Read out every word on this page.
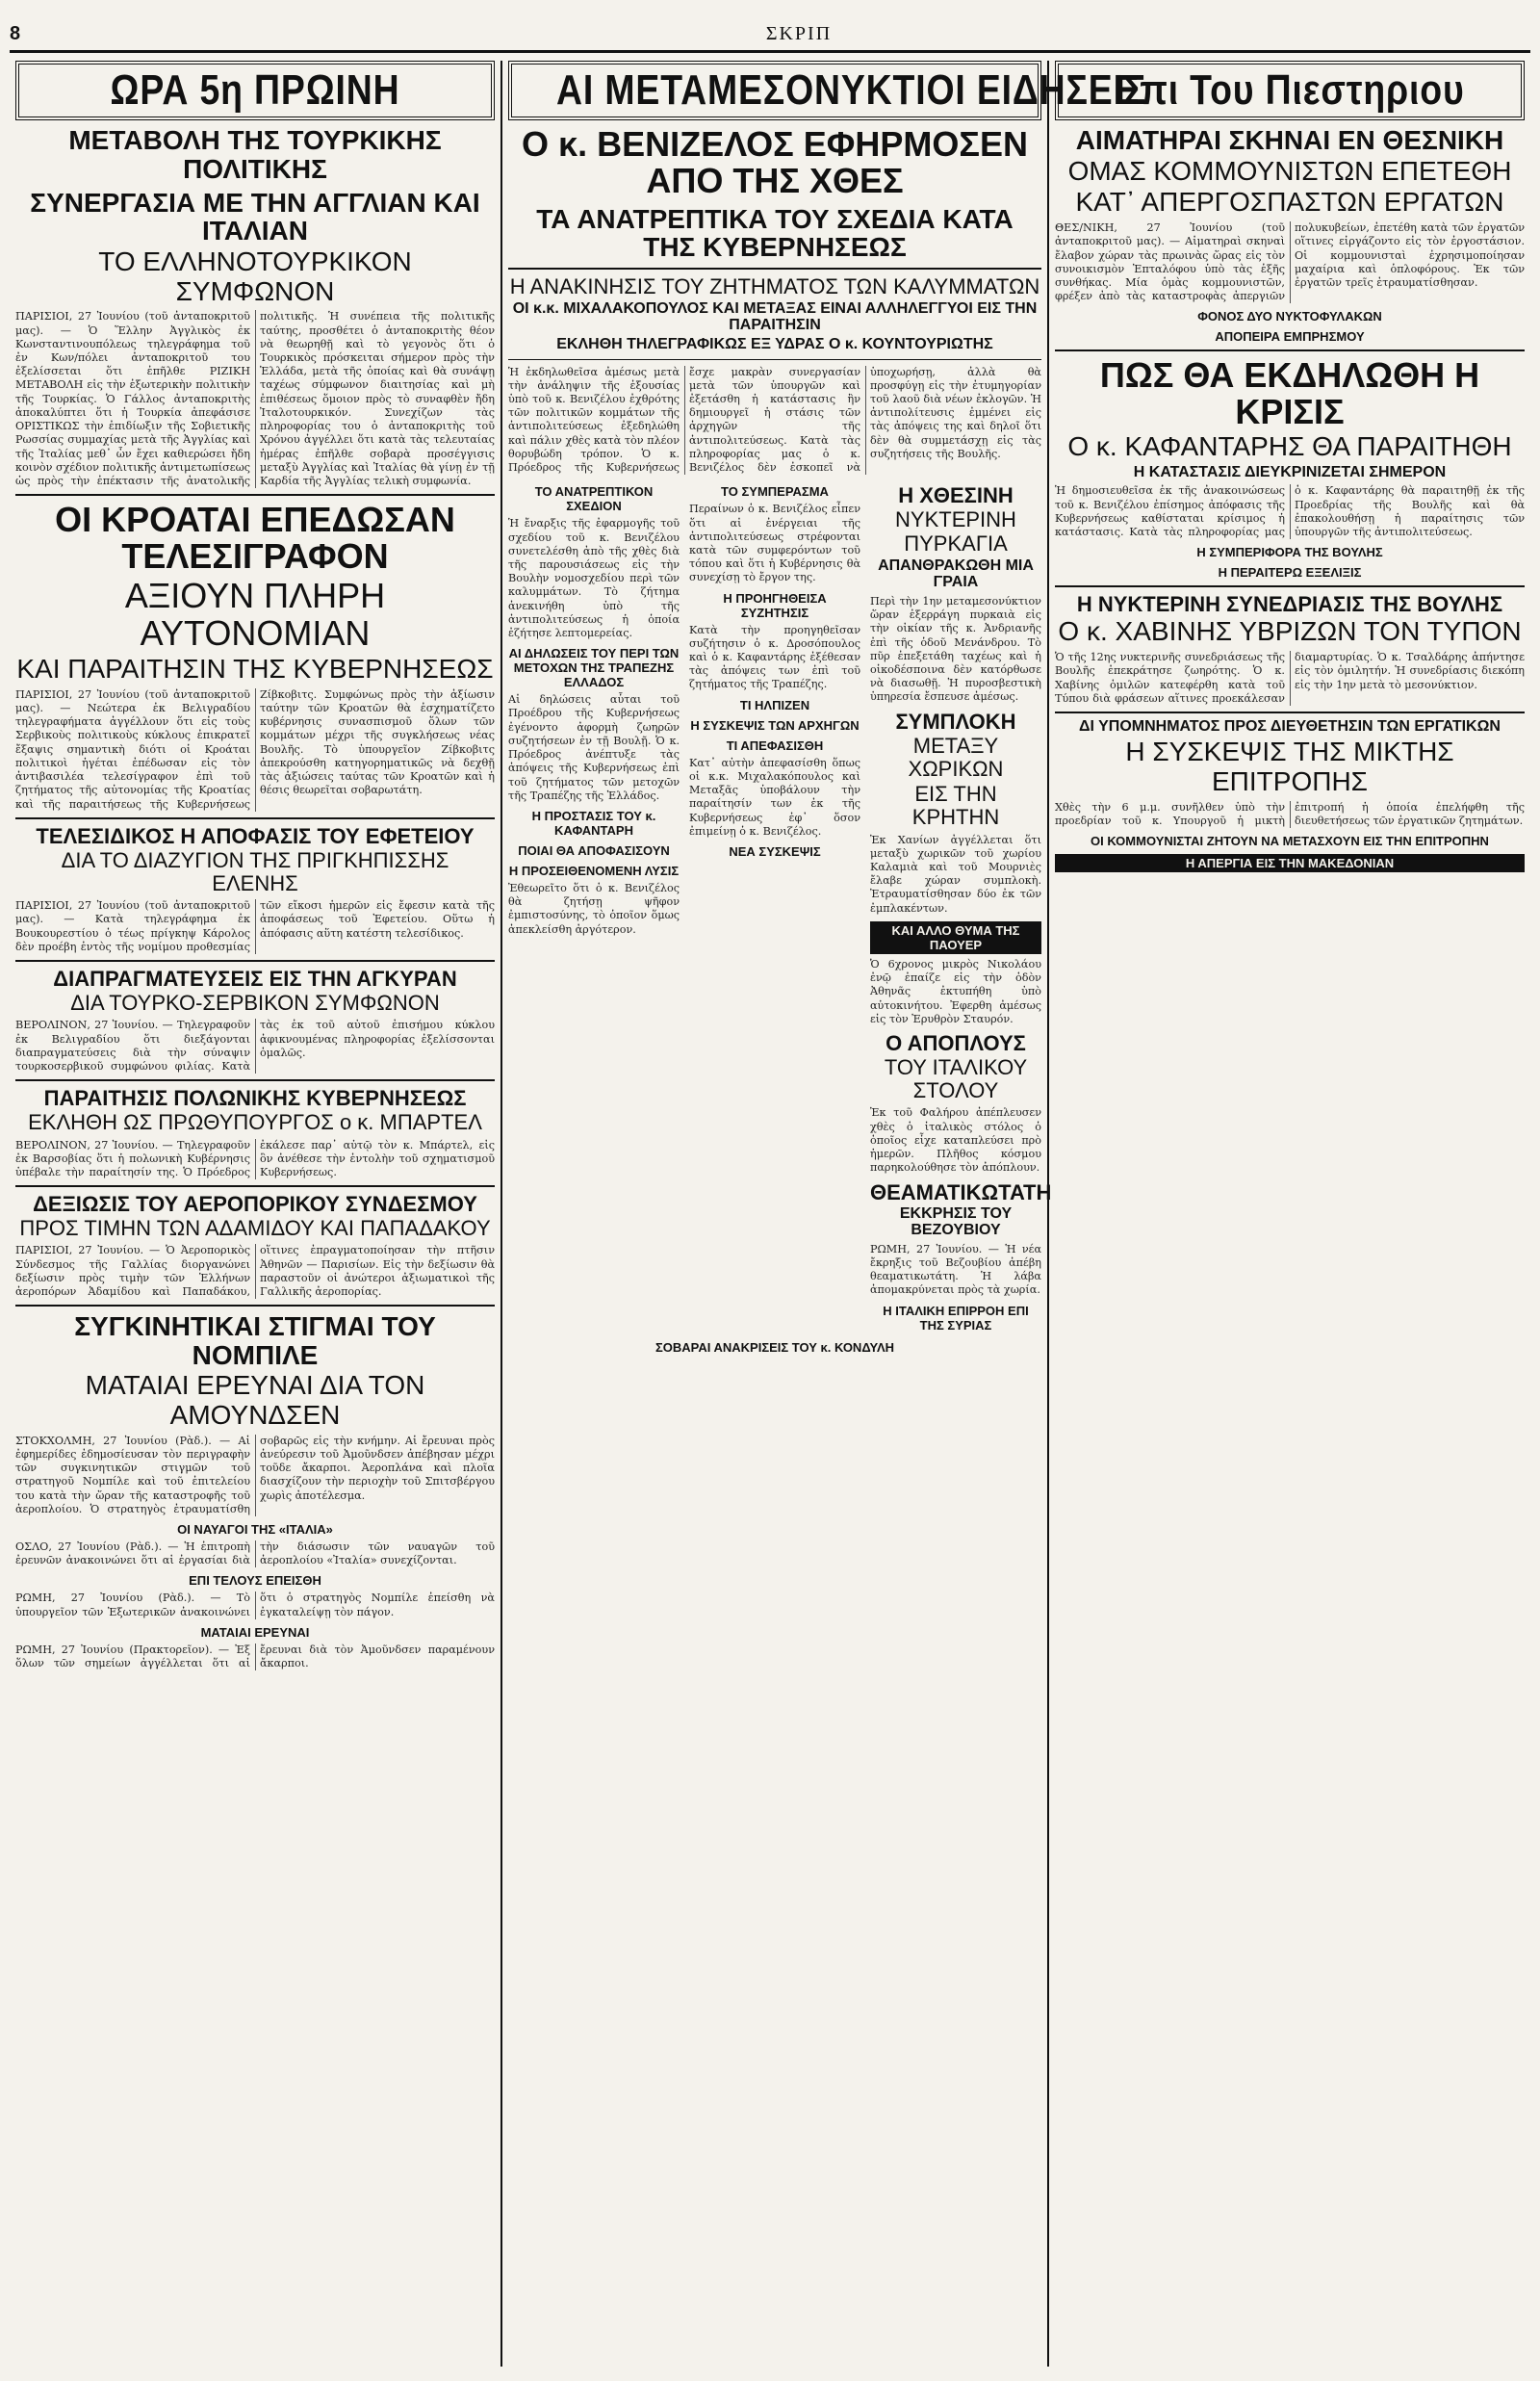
8	ΣΚΡΙΠ
ΩΡΑ 5η ΠΡΩΙΝΗ
ΜΕΤΑΒΟΛΗ ΤΗΣ ΤΟΥΡΚΙΚΗΣ ΠΟΛΙΤΙΚΗΣ
ΣΥΝΕΡΓΑΣΙΑ ΜΕ ΤΗΝ ΑΓΓΛΙΑΝ ΚΑΙ ΙΤΑΛΙΑΝ
ΤΟ ΕΛΛΗΝΟΤΟΥΡΚΙΚΟΝ ΣΥΜΦΩΝΟΝ
ΠΑΡΙΣΙΟΙ, 27 Ἰουνίου (τοῦ ἀνταποκριτοῦ μας). — Ὁ Ἕλλην Ἀγγλικὸς ἐκ Κωνσταντινουπόλεως τηλεγράφημα τοῦ ἐν Κων/πόλει ἀνταποκριτοῦ του ἐξελίσσεται ὅτι ἐπῆλθε ΡΙΖΙΚΗ ΜΕΤΑΒΟΛΗ εἰς τὴν ἐξωτερικὴν πολιτικὴν τῆς Τουρκίας. Ὁ Γάλλος ἀνταποκριτὴς ἀποκαλύπτει ὅτι ἡ Τουρκία ἀπεφάσισε ΟΡΙΣΤΙΚΩΣ τὴν ἐπιδίωξιν τῆς Σοβιετικῆς Ρωσσίας συμμαχίας μετὰ τῆς Ἀγγλίας καὶ τῆς Ἰταλίας μεθ᾽ ὧν ἔχει καθιερώσει ἤδη κοινὸν σχέδιον πολιτικῆς ἀντιμετωπίσεως ὡς πρὸς τὴν ἐπέκτασιν τῆς ἀνατολικῆς πολιτικῆς. Ἡ συνέπεια τῆς πολιτικῆς ταύτης, προσθέτει ὁ ἀνταποκριτὴς θέον νὰ θεωρηθῇ καὶ τὸ γεγονὸς ὅτι ὁ Τουρκικὸς πρόσκειται σήμερον πρὸς τὴν Ἑλλάδα, μετὰ τῆς ὁποίας καὶ θὰ συνάψῃ ταχέως σύμφωνον διαιτησίας καὶ μὴ ἐπιθέσεως ὅμοιον πρὸς τὸ συναφθὲν ἤδη Ἰταλοτουρκικόν. Συνεχίζων τὰς πληροφορίας του ὁ ἀνταποκριτὴς τοῦ Χρόνου ἀγγέλλει ὅτι κατὰ τὰς τελευταίας ἡμέρας ἐπῆλθε σοβαρὰ προσέγγισις μεταξὺ Ἀγγλίας καὶ Ἰταλίας θὰ γίνῃ ἐν τῇ Καρδία τῆς Ἀγγλίας τελικὴ συμφωνία.
ΟΙ ΚΡΟΑΤΑΙ ΕΠΕΔΩΣΑΝ ΤΕΛΕΣΙΓΡΑΦΟΝ
ΑΞΙΟΥΝ ΠΛΗΡΗ ΑΥΤΟΝΟΜΙΑΝ
ΚΑΙ ΠΑΡΑΙΤΗΣΙΝ ΤΗΣ ΚΥΒΕΡΝΗΣΕΩΣ
ΠΑΡΙΣΙΟΙ, 27 Ἰουνίου (τοῦ ἀνταποκριτοῦ μας). — Νεώτερα ἐκ Βελιγραδίου τηλεγραφήματα ἀγγέλλουν ὅτι εἰς τοὺς Σερβικοὺς πολιτικοὺς κύκλους ἐπικρατεῖ ἔξαψις σημαντικὴ διότι οἱ Κροάται πολιτικοὶ ἡγέται ἐπέδωσαν εἰς τὸν ἀντιβασιλέα τελεσίγραφον ἐπὶ τοῦ ζητήματος τῆς αὐτονομίας τῆς Κροατίας καὶ τῆς παραιτήσεως τῆς Κυβερνήσεως Ζίβκοβιτς. Συμφώνως πρὸς τὴν ἀξίωσιν ταύτην τῶν Κροατῶν θὰ ἐσχηματίζετο κυβέρνησις συνασπισμοῦ ὅλων τῶν κομμάτων μέχρι τῆς συγκλήσεως νέας Βουλῆς. Τὸ ὑπουργεῖον Ζίβκοβιτς ἀπεκρούσθη κατηγορηματικῶς νὰ δεχθῇ τὰς ἀξιώσεις ταύτας τῶν Κροατῶν καὶ ἡ θέσις θεωρεῖται σοβαρωτάτη.
ΤΕΛΕΣΙΔΙΚΟΣ Η ΑΠΟΦΑΣΙΣ ΤΟΥ ΕΦΕΤΕΙΟΥ
ΔΙΑ ΤΟ ΔΙΑΖΥΓΙΟΝ ΤΗΣ ΠΡΙΓΚΗΠΙΣΣΗΣ ΕΛΕΝΗΣ
ΠΑΡΙΣΙΟΙ, 27 Ἰουνίου (τοῦ ἀνταποκριτοῦ μας). — Κατὰ τηλεγράφημα ἐκ Βουκουρεστίου ὁ τέως πρίγκηψ Κάρολος δὲν προέβη ἐντὸς τῆς νομίμου προθεσμίας τῶν εἴκοσι ἡμερῶν εἰς ἔφεσιν κατὰ τῆς ἀποφάσεως τοῦ Ἐφετείου. Οὕτω ἡ ἀπόφασις αὕτη κατέστη τελεσίδικος.
ΔΙΑΠΡΑΓΜΑΤΕΥΣΕΙΣ ΕΙΣ ΤΗΝ ΑΓΚΥΡΑΝ
ΔΙΑ ΤΟΥΡΚΟ-ΣΕΡΒΙΚΟΝ ΣΥΜΦΩΝΟΝ
ΒΕΡΟΛΙΝΟΝ, 27 Ἰουνίου. — Τηλεγραφοῦν ἐκ Βελιγραδίου ὅτι διεξάγονται διαπραγματεύσεις διὰ τὴν σύναψιν τουρκοσερβικοῦ συμφώνου φιλίας. Κατὰ τὰς ἐκ τοῦ αὐτοῦ ἐπισήμου κύκλου ἀφικνουμένας πληροφορίας ἐξελίσσονται ὁμαλῶς.
ΠΑΡΑΙΤΗΣΙΣ ΠΟΛΩΝΙΚΗΣ ΚΥΒΕΡΝΗΣΕΩΣ
ΕΚΛΗΘΗ ΩΣ ΠΡΩΘΥΠΟΥΡΓΟΣ ο κ. ΜΠΑΡΤΕΛ
ΒΕΡΟΛΙΝΟΝ, 27 Ἰουνίου. — Τηλεγραφοῦν ἐκ Βαρσοβίας ὅτι ἡ πολωνικὴ Κυβέρνησις ὑπέβαλε τὴν παραίτησίν της. Ὁ Πρόεδρος ἐκάλεσε παρ᾽ αὐτῷ τὸν κ. Μπάρτελ, εἰς ὃν ἀνέθεσε τὴν ἐντολὴν τοῦ σχηματισμοῦ Κυβερνήσεως.
ΔΕΞΙΩΣΙΣ ΤΟΥ ΑΕΡΟΠΟΡΙΚΟΥ ΣΥΝΔΕΣΜΟΥ
ΠΡΟΣ ΤΙΜΗΝ ΤΩΝ ΑΔΑΜΙΔΟΥ ΚΑΙ ΠΑΠΑΔΑΚΟΥ
ΠΑΡΙΣΙΟΙ, 27 Ἰουνίου. — Ὁ Ἀεροπορικὸς Σύνδεσμος τῆς Γαλλίας διοργανώνει δεξίωσιν πρὸς τιμὴν τῶν Ἑλλήνων ἀεροπόρων Ἀδαμίδου καὶ Παπαδάκου, οἵτινες ἐπραγματοποίησαν τὴν πτῆσιν Ἀθηνῶν — Παρισίων. Εἰς τὴν δεξίωσιν θὰ παραστοῦν οἱ ἀνώτεροι ἀξιωματικοὶ τῆς Γαλλικῆς ἀεροπορίας.
ΣΥΓΚΙΝΗΤΙΚΑΙ ΣΤΙΓΜΑΙ ΤΟΥ ΝΟΜΠΙΛΕ
ΜΑΤΑΙΑΙ ΕΡΕΥΝΑΙ ΔΙΑ ΤΟΝ ΑΜΟΥΝΔΣΕΝ
ΣΤΟΚΧΟΛΜΗ, 27 Ἰουνίου (Ρὰδ.). — Αἱ ἐφημερίδες ἐδημοσίευσαν τὸν περιγραφὴν τῶν συγκινητικῶν στιγμῶν τοῦ στρατηγοῦ Νομπίλε καὶ τοῦ ἐπιτελείου του κατὰ τὴν ὥραν τῆς καταστροφῆς τοῦ ἀεροπλοίου. Ὁ στρατηγὸς ἐτραυματίσθη σοβαρῶς εἰς τὴν κνήμην. Αἱ ἔρευναι πρὸς ἀνεύρεσιν τοῦ Ἀμοῦνδσεν ἀπέβησαν μέχρι τοῦδε ἄκαρποι. Ἀεροπλάνα καὶ πλοῖα διασχίζουν τὴν περιοχὴν τοῦ Σπιτσβέργου χωρὶς ἀποτέλεσμα.
ΟΙ ΝΑΥΑΓΟΙ ΤΗΣ «ΙΤΑΛΙΑ»
ΟΣΛΟ, 27 Ἰουνίου (Ρὰδ.). — Ἡ ἐπιτροπὴ ἐρευνῶν ἀνακοινώνει ὅτι αἱ ἐργασίαι διὰ τὴν διάσωσιν τῶν ναυαγῶν τοῦ ἀεροπλοίου «Ἰταλία» συνεχίζονται.
ΕΠΙ ΤΕΛΟΥΣ ΕΠΕΙΣΘΗ
ΡΩΜΗ, 27 Ἰουνίου (Ρὰδ.). — Τὸ ὑπουργεῖον τῶν Ἐξωτερικῶν ἀνακοινώνει ὅτι ὁ στρατηγὸς Νομπίλε ἐπείσθη νὰ ἐγκαταλείψῃ τὸν πάγον.
ΜΑΤΑΙΑΙ ΕΡΕΥΝΑΙ
ΡΩΜΗ, 27 Ἰουνίου (Πρακτορεῖον). — Ἐξ ὅλων τῶν σημείων ἀγγέλλεται ὅτι αἱ ἔρευναι διὰ τὸν Ἀμοῦνδσεν παραμένουν ἄκαρποι.
ΑΙ ΜΕΤΑΜΕΣΟΝΥΚΤΙΟΙ ΕΙΔΗΣΕΙΣ
Ο κ. ΒΕΝΙΖΕΛΟΣ ΕΦΗΡΜΟΣΕΝ ΑΠΟ ΤΗΣ ΧΘΕΣ
ΤΑ ΑΝΑΤΡΕΠΤΙΚΑ ΤΟΥ ΣΧΕΔΙΑ ΚΑΤΑ ΤΗΣ ΚΥΒΕΡΝΗΣΕΩΣ
Η ΑΝΑΚΙΝΗΣΙΣ ΤΟΥ ΖΗΤΗΜΑΤΟΣ ΤΩΝ ΚΑΛΥΜΜΑΤΩΝ
ΟΙ κ.κ. ΜΙΧΑΛΑΚΟΠΟΥΛΟΣ ΚΑΙ ΜΕΤΑΞΑΣ ΕΙΝΑΙ ΑΛΛΗΛΕΓΓΥΟΙ ΕΙΣ ΤΗΝ ΠΑΡΑΙΤΗΣΙΝ
ΕΚΛΗΘΗ ΤΗΛΕΓΡΑΦΙΚΩΣ ΕΞ ΥΔΡΑΣ Ο κ. ΚΟΥΝΤΟΥΡΙΩΤΗΣ
Ἡ ἐκδηλωθεῖσα ἀμέσως μετὰ τὴν ἀνάληψιν τῆς ἐξουσίας ὑπὸ τοῦ κ. Βενιζέλου ἐχθρότης τῶν πολιτικῶν κομμάτων τῆς ἀντιπολιτεύσεως ἐξεδηλώθη καὶ πάλιν χθὲς κατὰ τὸν πλέον θορυβώδη τρόπον. Ὁ κ. Πρόεδρος τῆς Κυβερνήσεως ἔσχε μακρὰν συνεργασίαν μετὰ τῶν ὑπουργῶν καὶ ἐξετάσθη ἡ κατάστασις ἣν δημιουργεῖ ἡ στάσις τῶν ἀρχηγῶν τῆς ἀντιπολιτεύσεως. Κατὰ τὰς πληροφορίας μας ὁ κ. Βενιζέλος δὲν ἐσκοπεῖ νὰ ὑποχωρήσῃ, ἀλλὰ θὰ προσφύγῃ εἰς τὴν ἐτυμηγορίαν τοῦ λαοῦ διὰ νέων ἐκλογῶν. Ἡ ἀντιπολίτευσις ἐμμένει εἰς τὰς ἀπόψεις της καὶ δηλοῖ ὅτι δὲν θὰ συμμετάσχῃ εἰς τὰς συζητήσεις τῆς Βουλῆς.
ΤΟ ΑΝΑΤΡΕΠΤΙΚΟΝ ΣΧΕΔΙΟΝ
Ἡ ἔναρξις τῆς ἐφαρμογῆς τοῦ σχεδίου τοῦ κ. Βενιζέλου συνετελέσθη ἀπὸ τῆς χθὲς διὰ τῆς παρουσιάσεως εἰς τὴν Βουλὴν νομοσχεδίου περὶ τῶν καλυμμάτων. Τὸ ζήτημα ἀνεκινήθη ὑπὸ τῆς ἀντιπολιτεύσεως ἡ ὁποία ἐζήτησε λεπτομερείας.
ΑΙ ΔΗΛΩΣΕΙΣ ΤΟΥ ΠΕΡΙ ΤΩΝ ΜΕΤΟΧΩΝ ΤΗΣ ΤΡΑΠΕΖΗΣ ΕΛΛΑΔΟΣ
Αἱ δηλώσεις αὗται τοῦ Προέδρου τῆς Κυβερνήσεως ἐγένοντο ἀφορμὴ ζωηρῶν συζητήσεων ἐν τῇ Βουλῇ. Ὁ κ. Πρόεδρος ἀνέπτυξε τὰς ἀπόψεις τῆς Κυβερνήσεως ἐπὶ τοῦ ζητήματος τῶν μετοχῶν τῆς Τραπέζης τῆς Ἑλλάδος.
Η ΠΡΟΣΤΑΣΙΣ ΤΟΥ κ. ΚΑΦΑΝΤΑΡΗ
ΠΟΙΑΙ ΘΑ ΑΠΟΦΑΣΙΣΟΥΝ
Η ΠΡΟΣΕΙΘΕΝΟΜΕΝΗ ΛΥΣΙΣ
Ἐθεωρεῖτο ὅτι ὁ κ. Βενιζέλος θὰ ζητήσῃ ψῆφον ἐμπιστοσύνης, τὸ ὁποῖον ὅμως ἀπεκλείσθη ἀργότερον.
ΤΟ ΣΥΜΠΕΡΑΣΜΑ
Περαίνων ὁ κ. Βενιζέλος εἶπεν ὅτι αἱ ἐνέργειαι τῆς ἀντιπολιτεύσεως στρέφονται κατὰ τῶν συμφερόντων τοῦ τόπου καὶ ὅτι ἡ Κυβέρνησις θὰ συνεχίσῃ τὸ ἔργον της.
Η ΠΡΟΗΓΗΘΕΙΣΑ ΣΥΖΗΤΗΣΙΣ
Κατὰ τὴν προηγηθεῖσαν συζήτησιν ὁ κ. Δροσόπουλος καὶ ὁ κ. Καφαντάρης ἐξέθεσαν τὰς ἀπόψεις των ἐπὶ τοῦ ζητήματος τῆς Τραπέζης.
ΤΙ ΗΛΠΙΖΕΝ
Η ΣΥΣΚΕΨΙΣ ΤΩΝ ΑΡΧΗΓΩΝ
ΤΙ ΑΠΕΦΑΣΙΣΘΗ
Κατ᾽ αὐτὴν ἀπεφασίσθη ὅπως οἱ κ.κ. Μιχαλακόπουλος καὶ Μεταξᾶς ὑποβάλουν τὴν παραίτησίν των ἐκ τῆς Κυβερνήσεως ἐφ᾽ ὅσον ἐπιμείνῃ ὁ κ. Βενιζέλος.
ΝΕΑ ΣΥΣΚΕΨΙΣ
Η ΧΘΕΣΙΝΗ
ΝΥΚΤΕΡΙΝΗ ΠΥΡΚΑΓΙΑ
ΑΠΑΝΘΡΑΚΩΘΗ ΜΙΑ ΓΡΑΙΑ
Περὶ τὴν 1ην μεταμεσονύκτιον ὥραν ἐξερράγη πυρκαιὰ εἰς τὴν οἰκίαν τῆς κ. Ἀνδριανῆς ἐπὶ τῆς ὁδοῦ Μενάνδρου. Τὸ πῦρ ἐπεξετάθη ταχέως καὶ ἡ οἰκοδέσποινα δὲν κατόρθωσε νὰ διασωθῇ. Ἡ πυροσβεστικὴ ὑπηρεσία ἔσπευσε ἀμέσως.
ΣΥΜΠΛΟΚΗ
ΜΕΤΑΞΥ ΧΩΡΙΚΩΝ
ΕΙΣ ΤΗΝ ΚΡΗΤΗΝ
Ἐκ Χανίων ἀγγέλλεται ὅτι μεταξὺ χωρικῶν τοῦ χωρίου Καλαμιὰ καὶ τοῦ Μουρνιὲς ἔλαβε χώραν συμπλοκὴ. Ἐτραυματίσθησαν δύο ἐκ τῶν ἐμπλακέντων.
ΚΑΙ ΑΛΛΟ ΘΥΜΑ ΤΗΣ ΠΑΟΥΕΡ
Ὁ 6χρονος μικρὸς Νικολάου ἐνῷ ἐπαίζε εἰς τὴν ὁδὸν Ἀθηνᾶς ἐκτυπήθη ὑπὸ αὐτοκινήτου. Ἐφερθη ἀμέσως εἰς τὸν Ἐρυθρὸν Σταυρόν.
Ο ΑΠΟΠΛΟΥΣ
ΤΟΥ ΙΤΑΛΙΚΟΥ ΣΤΟΛΟΥ
Ἐκ τοῦ Φαλήρου ἀπέπλευσεν χθὲς ὁ ἰταλικὸς στόλος ὁ ὁποῖος εἶχε καταπλεύσει πρὸ ἡμερῶν. Πλῆθος κόσμου παρηκολούθησε τὸν ἀπόπλουν.
ΘΕΑΜΑΤΙΚΩΤΑΤΗ
ΕΚΚΡΗΣΙΣ ΤΟΥ ΒΕΖΟΥΒΙΟΥ
ΡΩΜΗ, 27 Ἰουνίου. — Ἡ νέα ἔκρηξις τοῦ Βεζουβίου ἀπέβη θεαματικωτάτη. Ἡ λάβα ἀπομακρύνεται πρὸς τὰ χωρία.
Η ΙΤΑΛΙΚΗ ΕΠΙΡΡΟΗ ΕΠΙ ΤΗΣ ΣΥΡΙΑΣ
ΣΟΒΑΡΑΙ ΑΝΑΚΡΙΣΕΙΣ ΤΟΥ κ. ΚΟΝΔΥΛΗ
Επι Του Πιεστηριου
ΑΙΜΑΤΗΡΑΙ ΣΚΗΝΑΙ ΕΝ ΘΕΣΝΙΚΗ
ΟΜΑΣ ΚΟΜΜΟΥΝΙΣΤΩΝ ΕΠΕΤΕΘΗ
ΚΑΤ᾽ ΑΠΕΡΓΟΣΠΑΣΤΩΝ ΕΡΓΑΤΩΝ
ΘΕΣ/ΝΙΚΗ, 27 Ἰουνίου (τοῦ ἀνταποκριτοῦ μας). — Αἱματηραὶ σκηναὶ ἔλαβον χώραν τὰς πρωινὰς ὥρας εἰς τὸν συνοικισμὸν Ἐπταλόφου ὑπὸ τὰς ἑξῆς συνθήκας. Μία ὁμὰς κομμουνιστῶν, φρέξεν ἀπὸ τὰς καταστροφὰς ἀπεργιῶν πολυκυβείων, ἐπετέθη κατὰ τῶν ἐργατῶν οἵτινες εἰργάζοντο εἰς τὸν ἐργοστάσιον. Οἱ κομμουνισταὶ ἐχρησιμοποίησαν μαχαίρια καὶ ὁπλοφόρους. Ἐκ τῶν ἐργατῶν τρεῖς ἐτραυματίσθησαν.
ΦΟΝΟΣ ΔΥΟ ΝΥΚΤΟΦΥΛΑΚΩΝ
ΑΠΟΠΕΙΡΑ ΕΜΠΡΗΣΜΟΥ
ΠΩΣ ΘΑ ΕΚΔΗΛΩΘΗ Η ΚΡΙΣΙΣ
Ο κ. ΚΑΦΑΝΤΑΡΗΣ ΘΑ ΠΑΡΑΙΤΗΘΗ
Η ΚΑΤΑΣΤΑΣΙΣ ΔΙΕΥΚΡΙΝΙΖΕΤΑΙ ΣΗΜΕΡΟΝ
Ἡ δημοσιευθεῖσα ἐκ τῆς ἀνακοινώσεως τοῦ κ. Βενιζέλου ἐπίσημος ἀπόφασις τῆς Κυβερνήσεως καθίσταται κρίσιμος ἡ κατάστασις. Κατὰ τὰς πληροφορίας μας ὁ κ. Καφαντάρης θὰ παραιτηθῇ ἐκ τῆς Προεδρίας τῆς Βουλῆς καὶ θὰ ἐπακολουθήσῃ ἡ παραίτησις τῶν ὑπουργῶν τῆς ἀντιπολιτεύσεως.
Η ΣΥΜΠΕΡΙΦΟΡΑ ΤΗΣ ΒΟΥΛΗΣ
Η ΠΕΡΑΙΤΕΡΩ ΕΞΕΛΙΞΙΣ
Η ΝΥΚΤΕΡΙΝΗ ΣΥΝΕΔΡΙΑΣΙΣ ΤΗΣ ΒΟΥΛΗΣ
Ο κ. ΧΑΒΙΝΗΣ ΥΒΡΙΖΩΝ ΤΟΝ ΤΥΠΟΝ
Ὁ τῆς 12ης νυκτερινῆς συνεδριάσεως τῆς Βουλῆς ἐπεκράτησε ζωηρότης. Ὁ κ. Χαβίνης ὁμιλῶν κατεφέρθη κατὰ τοῦ Τύπου διὰ φράσεων αἵτινες προεκάλεσαν διαμαρτυρίας. Ὁ κ. Τσαλδάρης ἀπήντησε εἰς τὸν ὁμιλητήν. Ἡ συνεδρίασις διεκόπη εἰς τὴν 1ην μετὰ τὸ μεσονύκτιον.
ΔΙ ΥΠΟΜΝΗΜΑΤΟΣ ΠΡΟΣ ΔΙΕΥΘΕΤΗΣΙΝ ΤΩΝ ΕΡΓΑΤΙΚΩΝ
Η ΣΥΣΚΕΨΙΣ ΤΗΣ ΜΙΚΤΗΣ ΕΠΙΤΡΟΠΗΣ
Χθὲς τὴν 6 μ.μ. συνῆλθεν ὑπὸ τὴν προεδρίαν τοῦ κ. Υπουργοῦ ἡ μικτὴ ἐπιτροπή ἡ ὁποία ἐπελήφθη τῆς διευθετήσεως τῶν ἐργατικῶν ζητημάτων.
ΟΙ ΚΟΜΜΟΥΝΙΣΤΑΙ ΖΗΤΟΥΝ ΝΑ ΜΕΤΑΣΧΟΥΝ ΕΙΣ ΤΗΝ ΕΠΙΤΡΟΠΗΝ
Η ΑΠΕΡΓΙΑ ΕΙΣ ΤΗΝ ΜΑΚΕΔΟΝΙΑΝ
